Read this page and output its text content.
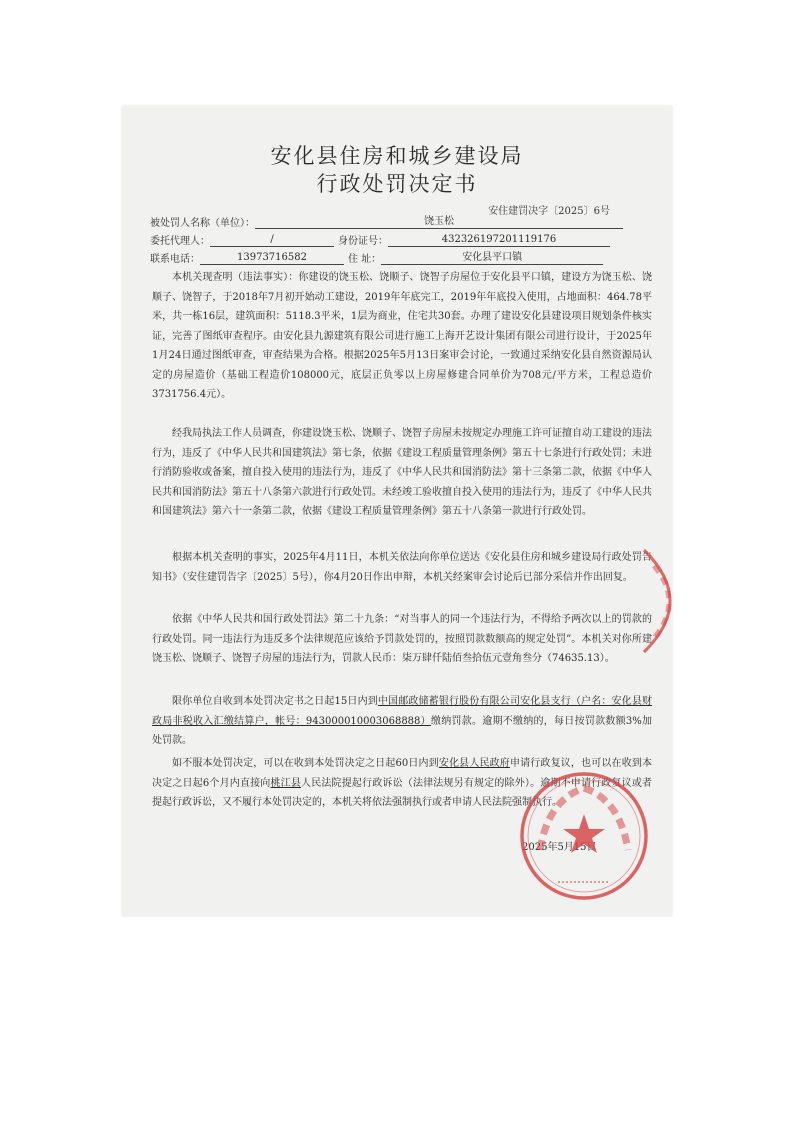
安化县住房和城乡建设局
行政处罚决定书
安住建罚决字〔2025〕6号
被处罚人名称（单位）：	饶玉松
委托代理人：	/	身份证号：	432326197201119176
联系电话：	13973716582	住 址：	安化县平口镇
本机关现查明（违法事实）：你建设的饶玉松、饶顺子、饶智子房屋位于安化县平口镇，建设方为饶玉松、饶顺子、饶智子，于2018年7月初开始动工建设，2019年年底完工，2019年年底投入使用，占地面积：464.78平米，共一栋16层，建筑面积：5118.3平米，1层为商业，住宅共30套。办理了建设安化县建设项目规划条件核实证，完善了图纸审查程序。由安化县九源建筑有限公司进行施工上海开艺设计集团有限公司进行设计，于2025年1月24日通过图纸审查，审查结果为合格。根据2025年5月13日案审会讨论，一致通过采纳安化县自然资源局认定的房屋造价（基础工程造价108000元，底层正负零以上房屋修建合同单价为708元/平方米，工程总造价3731756.4元）。
经我局执法工作人员调查，你建设饶玉松、饶顺子、饶智子房屋未按规定办理施工许可证擅自动工建设的违法行为，违反了《中华人民共和国建筑法》第七条，依据《建设工程质量管理条例》第五十七条进行行政处罚；未进行消防验收或备案，擅自投入使用的违法行为，违反了《中华人民共和国消防法》第十三条第二款，依据《中华人民共和国消防法》第五十八条第六款进行行政处罚。未经竣工验收擅自投入使用的违法行为，违反了《中华人民共和国建筑法》第六十一条第二款，依据《建设工程质量管理条例》第五十八条第一款进行行政处罚。
根据本机关查明的事实，2025年4月11日，本机关依法向你单位送达《安化县住房和城乡建设局行政处罚告知书》（安住建罚告字〔2025〕5号），你4月20日作出申辩，本机关经案审会讨论后已部分采信并作出回复。
依据《中华人民共和国行政处罚法》第二十九条：“对当事人的同一个违法行为，不得给予两次以上的罚款的行政处罚。同一违法行为违反多个法律规范应该给予罚款处罚的，按照罚款数额高的规定处罚”。本机关对你所建饶玉松、饶顺子、饶智子房屋的违法行为，罚款人民币：柒万肆仟陆佰叁拾伍元壹角叁分（74635.13）。
限你单位自收到本处罚决定书之日起15日内到中国邮政储蓄银行股份有限公司安化县支行（户名：安化县财政局非税收入汇缴结算户，帐号：943000010003068888）缴纳罚款。逾期不缴纳的，每日按罚款数额3%加处罚款。
如不服本处罚决定，可以在收到本处罚决定之日起60日内到安化县人民政府申请行政复议，也可以在收到本决定之日起6个月内直接向桃江县人民法院提起行政诉讼（法律法规另有规定的除外）。逾期不申请行政复议或者提起行政诉讼，又不履行本处罚决定的，本机关将依法强制执行或者申请人民法院强制执行。
2025年5月15日
